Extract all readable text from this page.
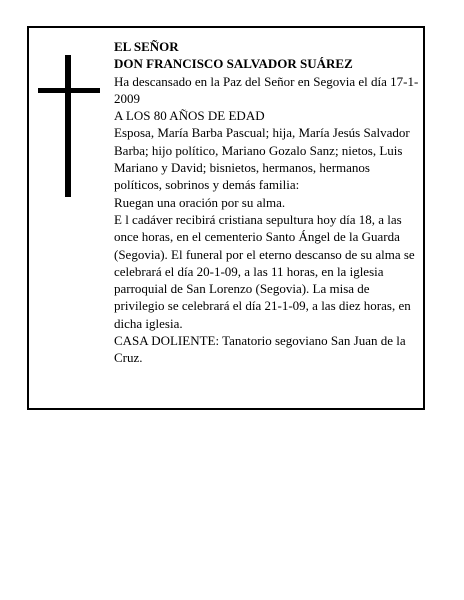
EL SEÑOR

DON FRANCISCO SALVADOR SUÁREZ

Ha descansado en la Paz del Señor en Segovia el día 17-1-2009

A LOS 80 AÑOS DE EDAD

Esposa, María Barba Pascual; hija, María Jesús Salvador Barba; hijo político, Mariano Gozalo Sanz; nietos, Luis Mariano y David; bisnietos, hermanos, hermanos políticos, sobrinos y demás familia:

Ruegan una oración por su alma.

E l cadáver recibirá cristiana sepultura hoy día 18, a las once horas, en el cementerio Santo Ángel de la Guarda (Segovia). El funeral por el eterno descanso de su alma se celebrará el día 20-1-09, a las 11 horas, en la iglesia parroquial de San Lorenzo (Segovia). La misa de privilegio se celebrará el día 21-1-09, a las diez horas, en dicha iglesia.

CASA DOLIENTE: Tanatorio segoviano San Juan de la Cruz.
